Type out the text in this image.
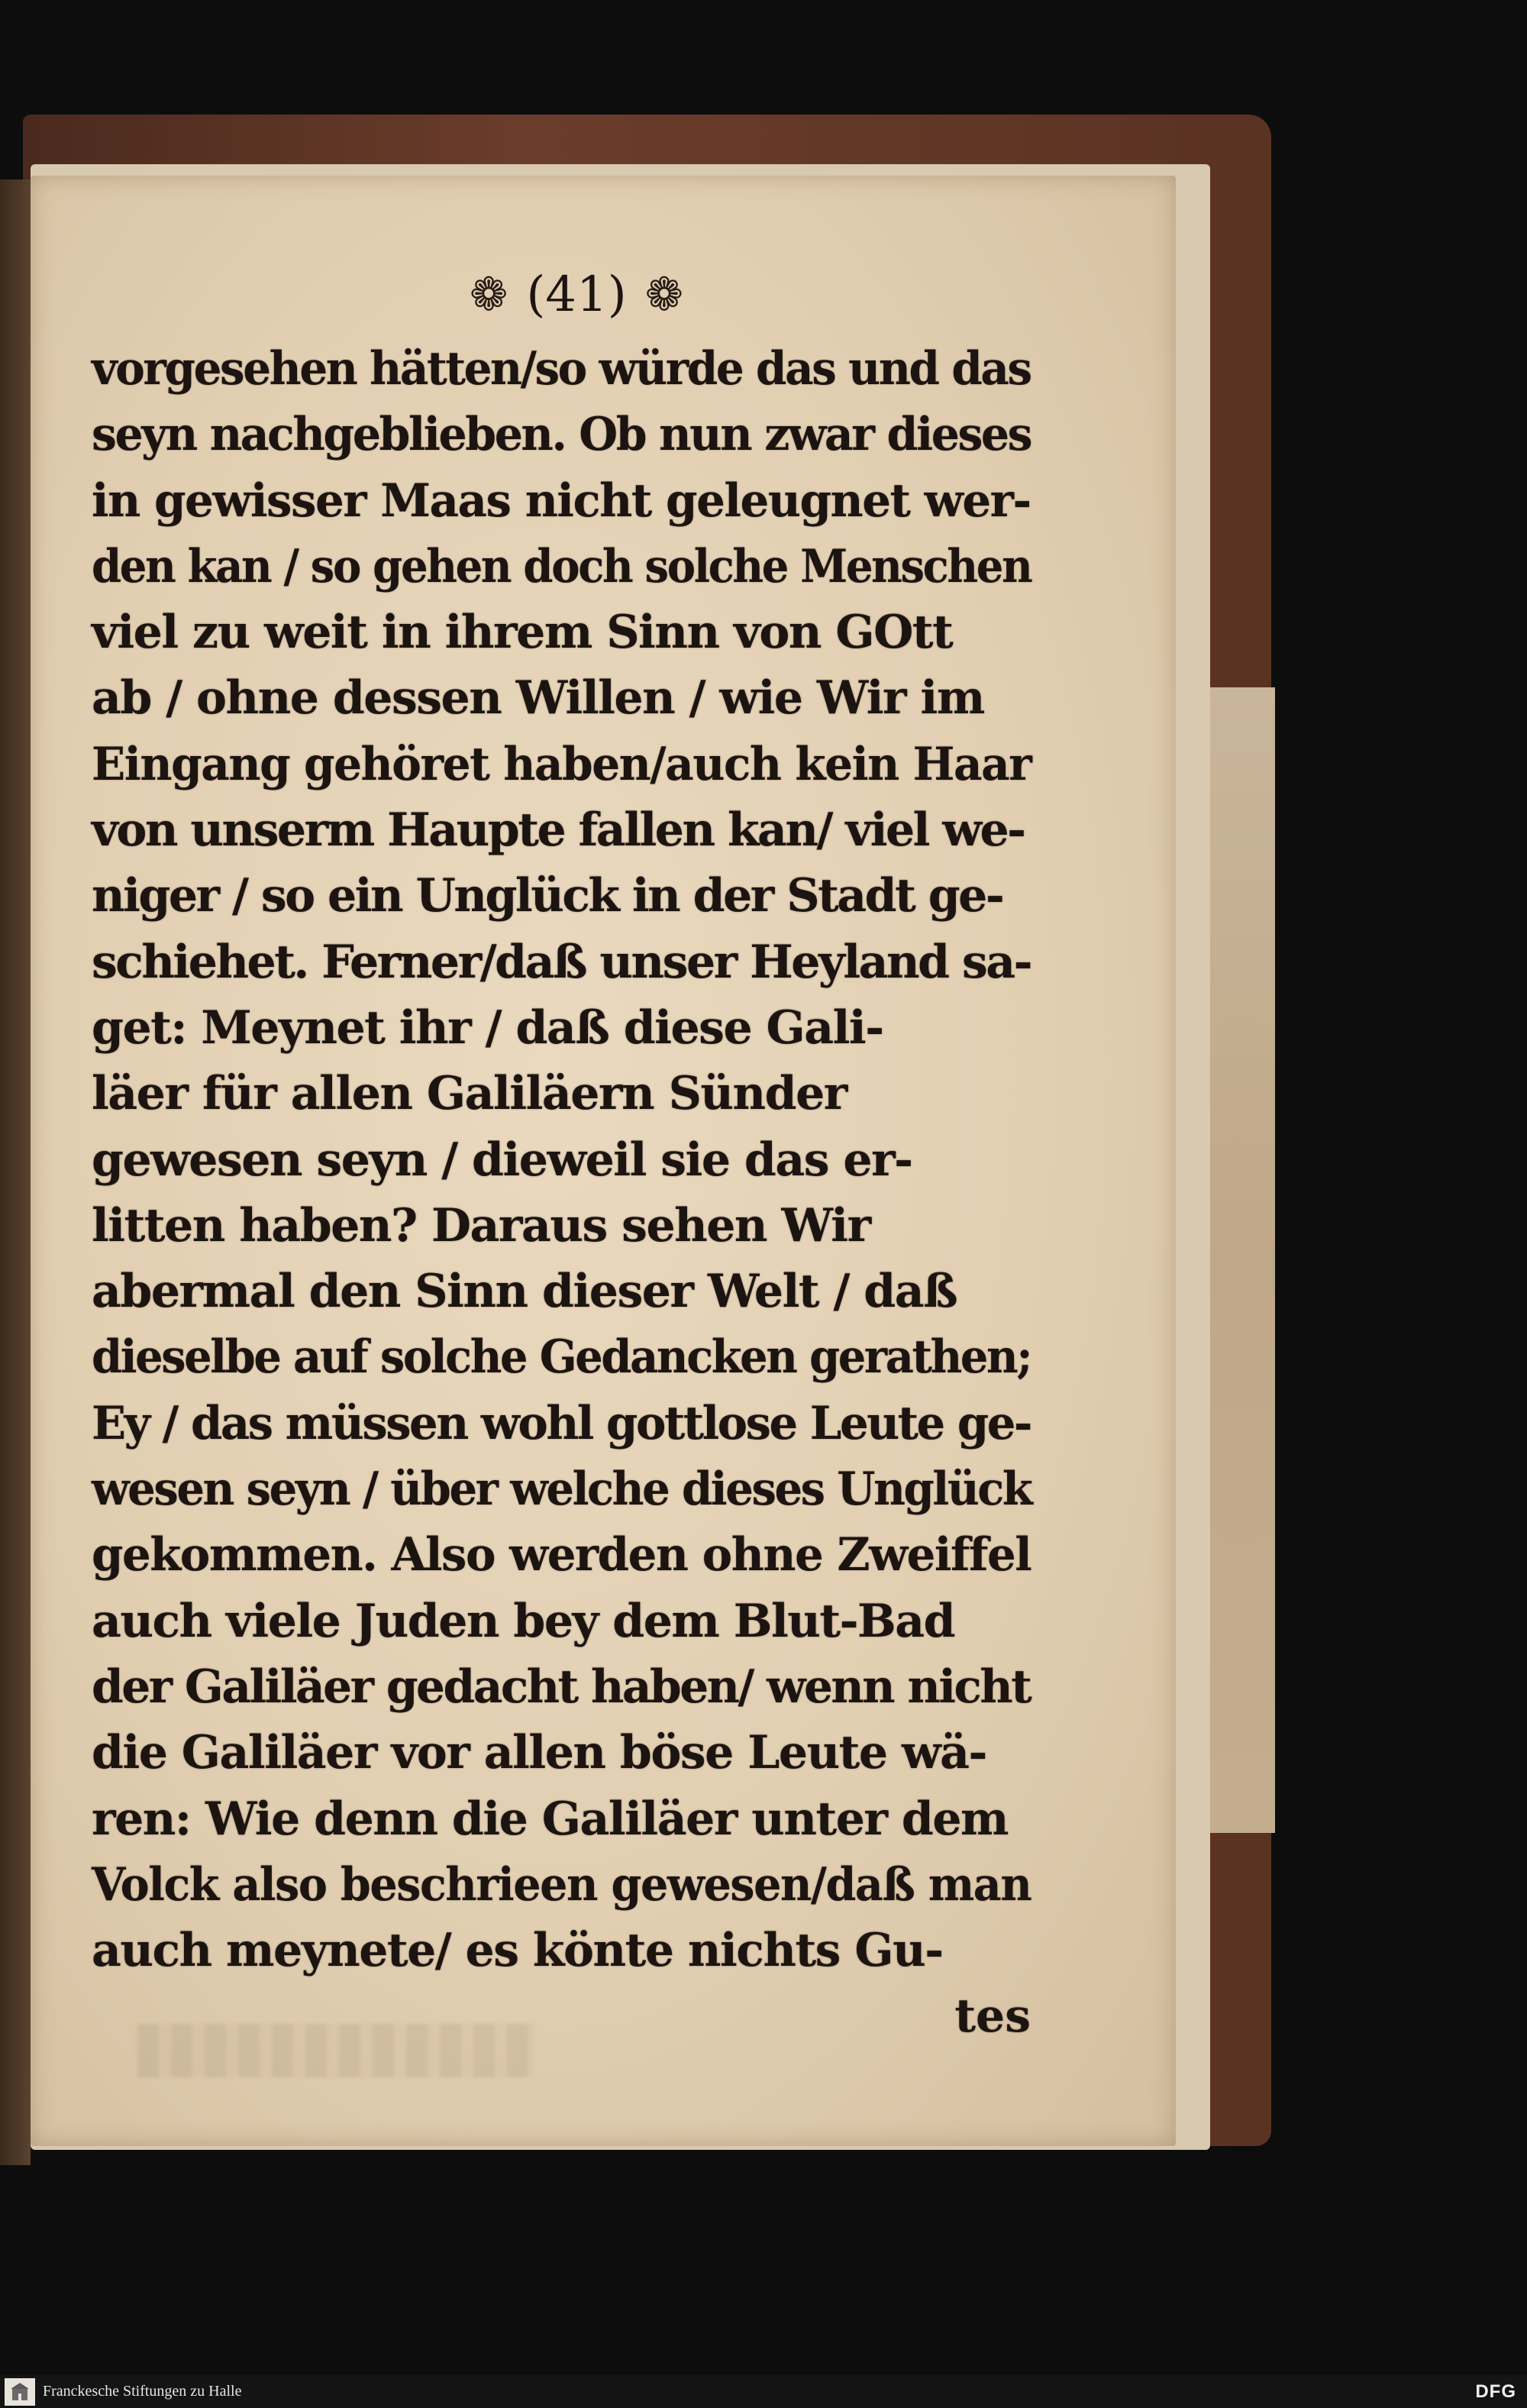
❁ (41) ❁
vorgesehen hätten/so würde das und das
seyn nachgeblieben. Ob nun zwar dieses
in gewisser Maas nicht geleugnet wer-
den kan / so gehen doch solche Menschen
viel zu weit in ihrem Sinn von GOtt
ab / ohne dessen Willen / wie Wir im
Eingang gehöret haben/auch kein Haar
von unserm Haupte fallen kan/ viel we-
niger / so ein Unglück in der Stadt ge-
schiehet. Ferner/daß unser Heyland sa-
get: Meynet ihr / daß diese Gali-
läer für allen Galiläern Sünder
gewesen seyn / dieweil sie das er-
litten haben? Daraus sehen Wir
abermal den Sinn dieser Welt / daß
dieselbe auf solche Gedancken gerathen;
Ey / das müssen wohl gottlose Leute ge-
wesen seyn / über welche dieses Unglück
gekommen. Also werden ohne Zweiffel
auch viele Juden bey dem Blut-Bad
der Galiläer gedacht haben/ wenn nicht
die Galiläer vor allen böse Leute wä-
ren: Wie denn die Galiläer unter dem
Volck also beschrieen gewesen/daß man
auch meynete/ es könte nichts Gu-
tes
Franckesche Stiftungen zu Halle	DFG
